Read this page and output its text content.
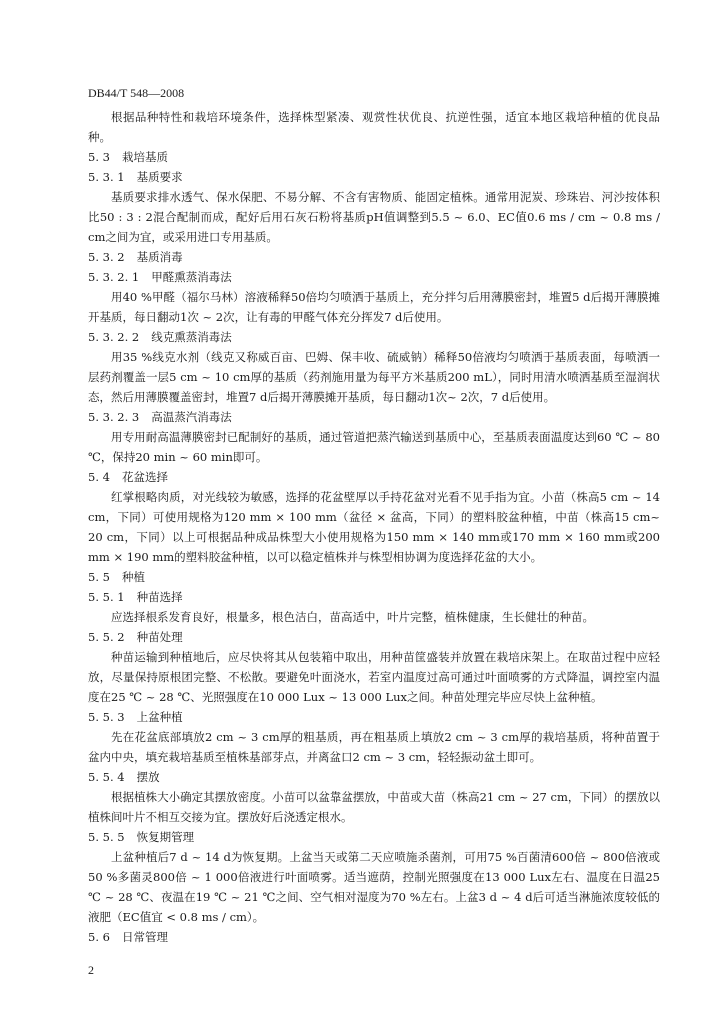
DB44/T 548—2008

根据品种特性和栽培环境条件，选择株型紧凑、观赏性状优良、抗逆性强，适宜本地区栽培种植的优良品种。

5. 3 栽培基质
5. 3. 1 基质要求

基质要求排水透气、保水保肥、不易分解、不含有害物质、能固定植株。通常用泥炭、珍珠岩、河沙按体积比50 : 3 : 2混合配制而成，配好后用石灰石粉将基质pH值调整到5.5 ~ 6.0、EC值0.6 ms / cm ~ 0.8 ms / cm之间为宜，或采用进口专用基质。

5. 3. 2 基质消毒
5. 3. 2. 1 甲醛熏蒸消毒法

用40 %甲醛（福尔马林）溶液稀释50倍均匀喷洒于基质上，充分拌匀后用薄膜密封，堆置5 d后揭开薄膜摊开基质，每日翻动1次 ~ 2次，让有毒的甲醛气体充分挥发7 d后使用。

5. 3. 2. 2 线克熏蒸消毒法

用35 %线克水剂（线克又称威百亩、巴姆、保丰收、硫威钠）稀释50倍液均匀喷洒于基质表面，每喷洒一层药剂覆盖一层5 cm ~ 10 cm厚的基质（药剂施用量为每平方米基质200 mL），同时用清水喷洒基质至湿润状态，然后用薄膜覆盖密封，堆置7 d后揭开薄膜摊开基质，每日翻动1次~ 2次，7 d后使用。

5. 3. 2. 3 高温蒸汽消毒法

用专用耐高温薄膜密封已配制好的基质，通过管道把蒸汽输送到基质中心，至基质表面温度达到60 ℃ ~ 80 ℃，保持20 min ~ 60 min即可。

5. 4 花盆选择

红掌根略肉质，对光线较为敏感，选择的花盆壁厚以手持花盆对光看不见手指为宜。小苗（株高5 cm ~ 14 cm，下同）可使用规格为120 mm × 100 mm（盆径 × 盆高，下同）的塑料胶盆种植，中苗（株高15 cm~ 20 cm，下同）以上可根据品种成品株型大小使用规格为150 mm × 140 mm或170 mm × 160 mm或200 mm × 190 mm的塑料胶盆种植，以可以稳定植株并与株型相协调为度选择花盆的大小。

5. 5 种植
5. 5. 1 种苗选择

应选择根系发育良好，根量多，根色洁白，苗高适中，叶片完整，植株健康，生长健壮的种苗。

5. 5. 2 种苗处理

种苗运输到种植地后，应尽快将其从包装箱中取出，用种苗筐盛装并放置在栽培床架上。在取苗过程中应轻放，尽量保持原根团完整、不松散。要避免叶面浇水，若室内温度过高可通过叶面喷雾的方式降温，调控室内温度在25 ℃ ~ 28 ℃、光照强度在10 000 Lux ~ 13 000 Lux之间。种苗处理完毕应尽快上盆种植。

5. 5. 3 上盆种植

先在花盆底部填放2 cm ~ 3 cm厚的粗基质，再在粗基质上填放2 cm ~ 3 cm厚的栽培基质，将种苗置于盆内中央，填充栽培基质至植株基部芽点，并离盆口2 cm ~ 3 cm，轻轻振动盆土即可。

5. 5. 4 摆放

根据植株大小确定其摆放密度。小苗可以盆靠盆摆放，中苗或大苗（株高21 cm ~ 27 cm，下同）的摆放以植株间叶片不相互交接为宜。摆放好后浇透定根水。

5. 5. 5 恢复期管理

上盆种植后7 d ~ 14 d为恢复期。上盆当天或第二天应喷施杀菌剂，可用75 %百菌清600倍 ~ 800倍液或50 %多菌灵800倍 ~ 1 000倍液进行叶面喷雾。适当遮荫，控制光照强度在13 000 Lux左右、温度在日温25 ℃ ~ 28 ℃、夜温在19 ℃ ~ 21 ℃之间、空气相对湿度为70 %左右。上盆3 d ~ 4 d后可适当淋施浓度较低的液肥（EC值宜 < 0.8 ms / cm）。

5. 6 日常管理
2
